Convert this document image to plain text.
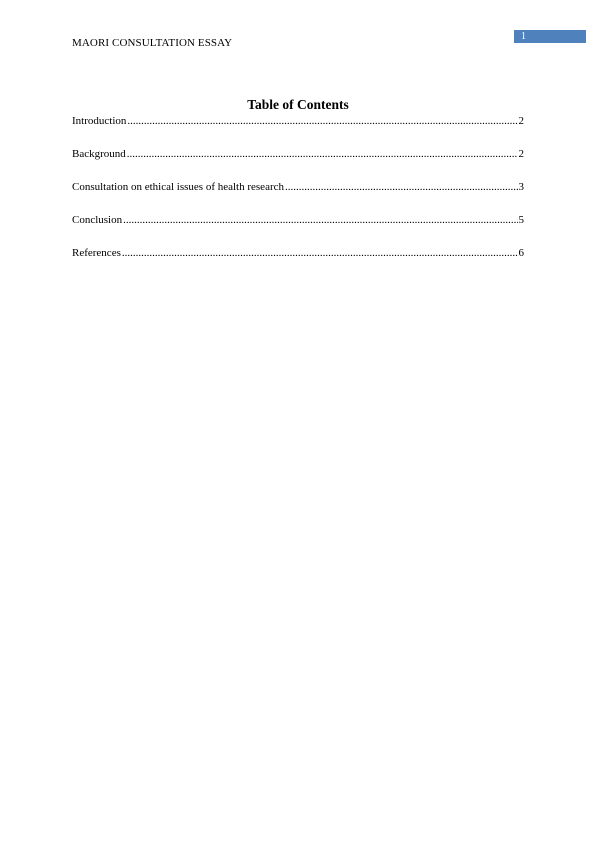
MAORI CONSULTATION ESSAY
1
Table of Contents
Introduction .....	2
Background .....	2
Consultation on ethical issues of health research .....	3
Conclusion .....	5
References .....	6
